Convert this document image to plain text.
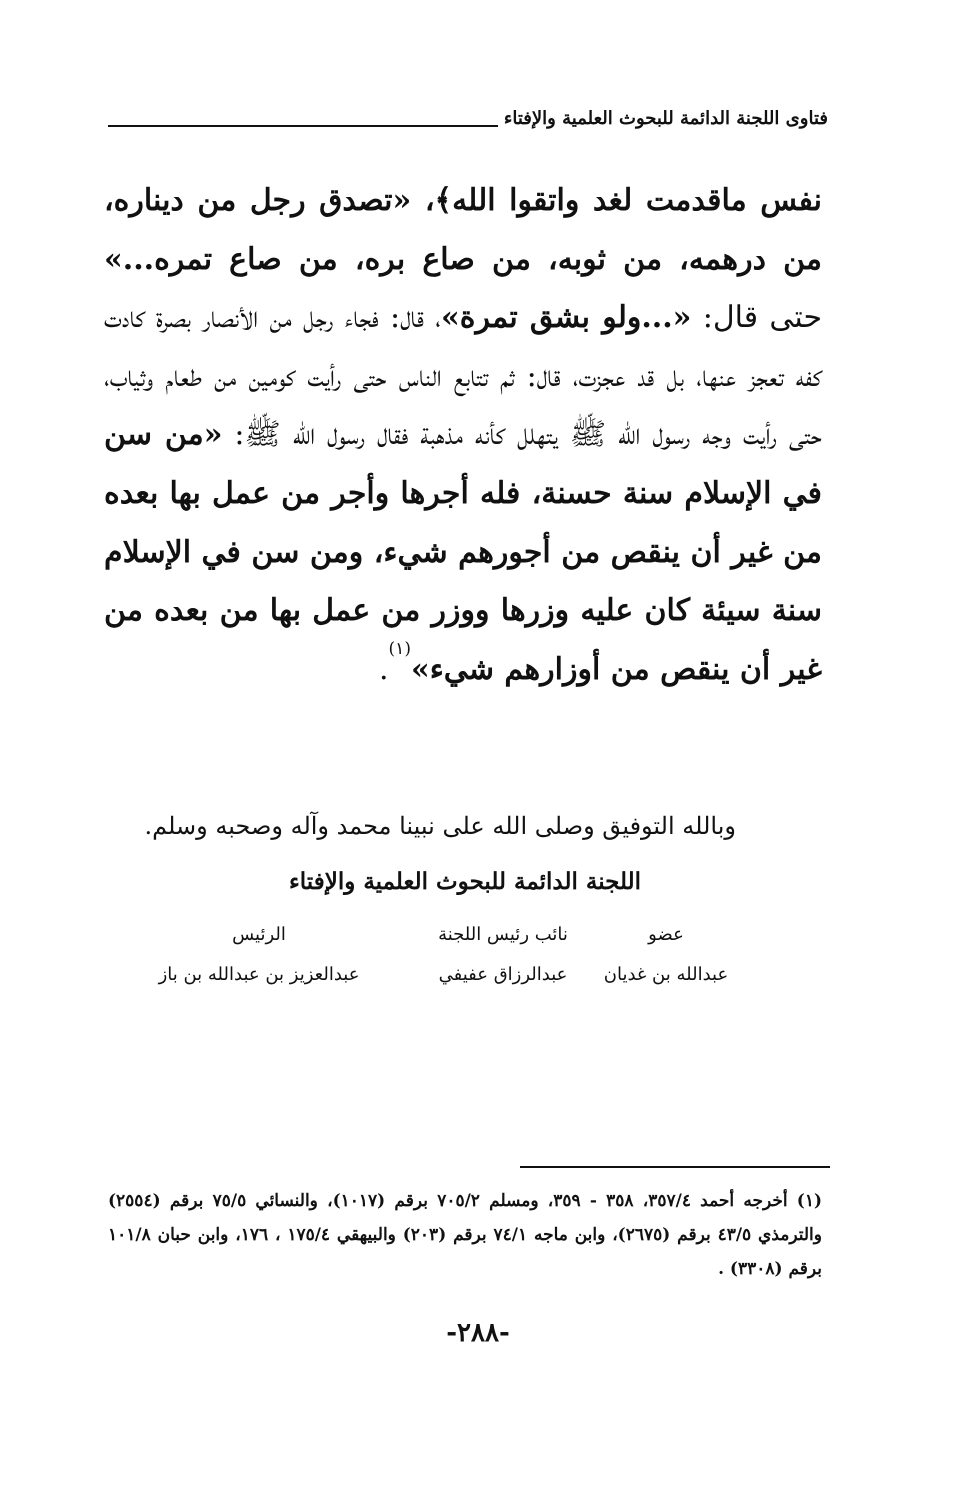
فتاوى اللجنة الدائمة للبحوث العلمية والإفتاء
نفس ماقدمت لغد واتقوا الله﴾، «تصدق رجل من ديناره، من درهمه، من ثوبه، من صاع بره، من صاع تمره...» حتى قال: «...ولو بشق تمرة»، قال: فجاء رجل من الأنصار بصرة كادت كفه تعجز عنها، بل قد عجزت، قال: ثم تتابع الناس حتى رأيت كومين من طعام وثياب، حتى رأيت وجه رسول الله ﷺ يتهلل كأنه مذهبة فقال رسول الله ﷺ: «من سن في الإسلام سنة حسنة، فله أجرها وأجر من عمل بها بعده من غير أن ينقص من أجورهم شيء، ومن سن في الإسلام سنة سيئة كان عليه وزرها ووزر من عمل بها من بعده من غير أن ينقص من أوزارهم شيء»$^{(١)}$.
وبالله التوفيق وصلى الله على نبينا محمد وآله وصحبه وسلم.
اللجنة الدائمة للبحوث العلمية والإفتاء
عضو
عبدالله بن غديان
نائب رئيس اللجنة
عبدالرزاق عفيفي
الرئيس
عبدالعزيز بن عبدالله بن باز
(١) أخرجه أحمد ٣٥٧/٤، ٣٥٨ - ٣٥٩، ومسلم ٧٠٥/٢ برقم (١٠١٧)، والنسائي ٧٥/٥ برقم (٢٥٥٤) والترمذي ٤٣/٥ برقم (٢٦٧٥)، وابن ماجه ٧٤/١ برقم (٢٠٣) والبيهقي ١٧٥/٤ ، ١٧٦، وابن حبان ١٠١/٨ برقم (٣٣٠٨) .
-٢٨٨-
